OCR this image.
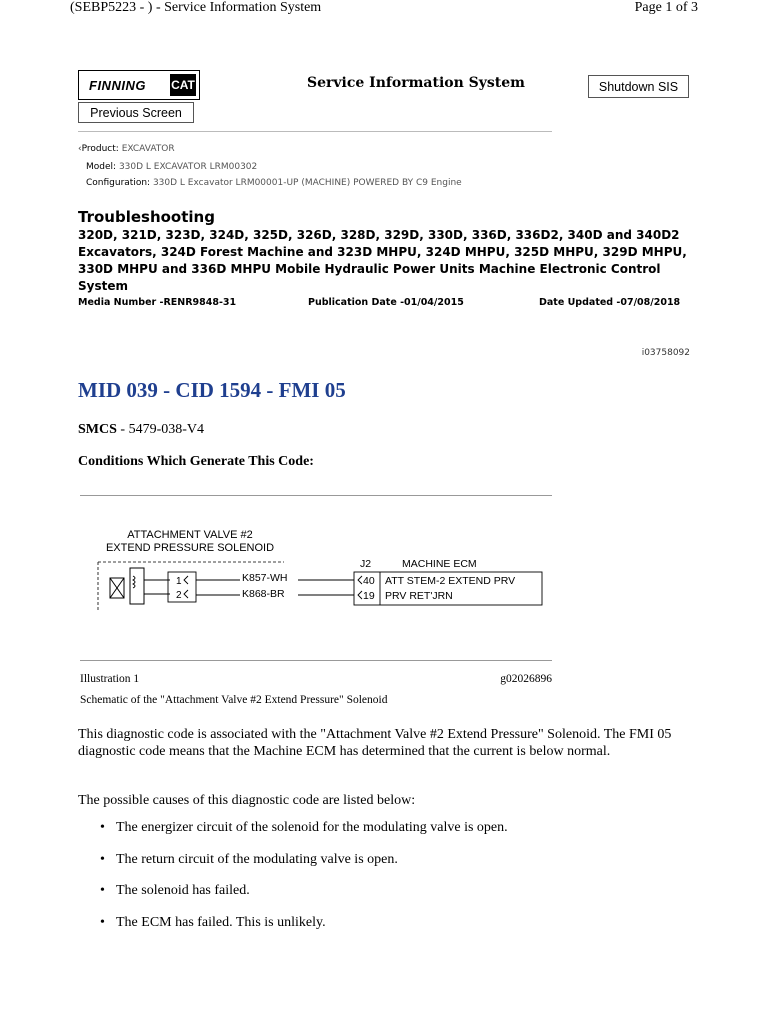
(SEBP5223 - ) - Service Information System	Page 1 of 3
FINNING	CAT	Service Information System	Shutdown SIS
Previous Screen
‹Product: EXCAVATOR
Model: 330D L EXCAVATOR LRM00302
Configuration: 330D L Excavator LRM00001-UP (MACHINE) POWERED BY C9 Engine
Troubleshooting
320D, 321D, 323D, 324D, 325D, 326D, 328D, 329D, 330D, 336D, 336D2, 340D and 340D2 Excavators, 324D Forest Machine and 323D MHPU, 324D MHPU, 325D MHPU, 329D MHPU, 330D MHPU and 336D MHPU Mobile Hydraulic Power Units Machine Electronic Control System
Media Number -RENR9848-31	Publication Date -01/04/2015	Date Updated -07/08/2018
i03758092
MID 039 - CID 1594 - FMI 05
SMCS - 5479-038-V4
Conditions Which Generate This Code:
ATTACHMENT VALVE #2
EXTEND PRESSURE SOLENOID
1
2
K857-WH
K868-BR
J2	MACHINE ECM
40
19
ATT STEM-2 EXTEND PRV
PRV RET'JRN
Illustration 1	g02026896
Schematic of the "Attachment Valve #2 Extend Pressure" Solenoid
This diagnostic code is associated with the "Attachment Valve #2 Extend Pressure" Solenoid. The FMI 05 diagnostic code means that the Machine ECM has determined that the current is below normal.
The possible causes of this diagnostic code are listed below:
• The energizer circuit of the solenoid for the modulating valve is open.
• The return circuit of the modulating valve is open.
• The solenoid has failed.
• The ECM has failed. This is unlikely.
